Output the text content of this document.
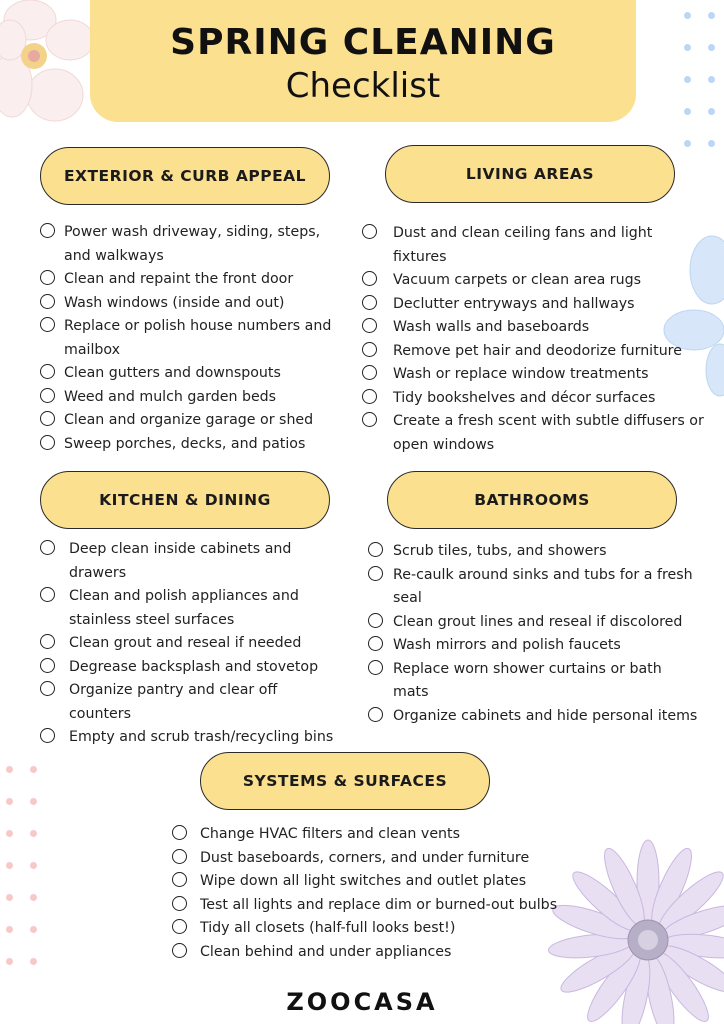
SPRING CLEANING
Checklist
EXTERIOR & CURB APPEAL
Power wash driveway, siding, steps, and walkways
Clean and repaint the front door
Wash windows (inside and out)
Replace or polish house numbers and mailbox
Clean gutters and downspouts
Weed and mulch garden beds
Clean and organize garage or shed
Sweep porches, decks, and patios
LIVING AREAS
Dust and clean ceiling fans and light fixtures
Vacuum carpets or clean area rugs
Declutter entryways and hallways
Wash walls and baseboards
Remove pet hair and deodorize furniture
Wash or replace window treatments
Tidy bookshelves and décor surfaces
Create a fresh scent with subtle diffusers or open windows
KITCHEN & DINING
Deep clean inside cabinets and drawers
Clean and polish appliances and stainless steel surfaces
Clean grout and reseal if needed
Degrease backsplash and stovetop
Organize pantry and clear off counters
Empty and scrub trash/recycling bins
BATHROOMS
Scrub tiles, tubs, and showers
Re-caulk around sinks and tubs for a fresh seal
Clean grout lines and reseal if discolored
Wash mirrors and polish faucets
Replace worn shower curtains or bath mats
Organize cabinets and hide personal items
SYSTEMS & SURFACES
Change HVAC filters and clean vents
Dust baseboards, corners, and under furniture
Wipe down all light switches and outlet plates
Test all lights and replace dim or burned-out bulbs
Tidy all closets (half-full looks best!)
Clean behind and under appliances
ZOOCASA
